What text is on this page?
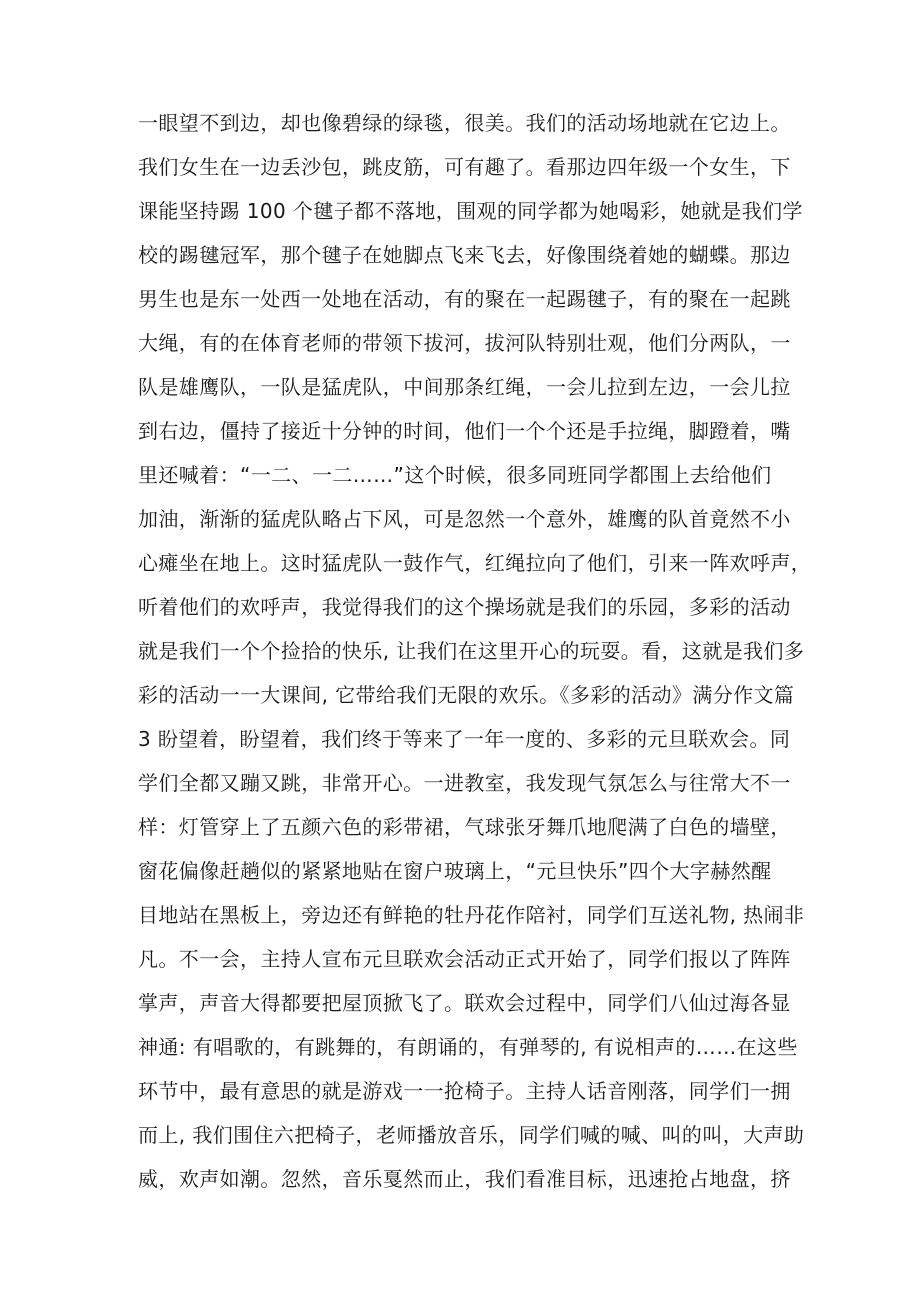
一眼望不到边，却也像碧绿的绿毯，很美。我们的活动场地就在它边上。
我们女生在一边丢沙包，跳皮筋，可有趣了。看那边四年级一个女生，下
课能坚持踢 100 个毽子都不落地，围观的同学都为她喝彩，她就是我们学
校的踢毽冠军，那个毽子在她脚点飞来飞去，好像围绕着她的蝴蝶。那边
男生也是东一处西一处地在活动，有的聚在一起踢毽子，有的聚在一起跳
大绳，有的在体育老师的带领下拔河，拔河队特别壮观，他们分两队，一
队是雄鹰队，一队是猛虎队，中间那条红绳，一会儿拉到左边，一会儿拉
到右边，僵持了接近十分钟的时间，他们一个个还是手拉绳，脚蹬着，嘴
里还喊着：“一二、一二……”这个时候，很多同班同学都围上去给他们
加油，渐渐的猛虎队略占下风，可是忽然一个意外，雄鹰的队首竟然不小
心瘫坐在地上。这时猛虎队一鼓作气，红绳拉向了他们，引来一阵欢呼声，
听着他们的欢呼声，我觉得我们的这个操场就是我们的乐园，多彩的活动
就是我们一个个捡拾的快乐, 让我们在这里开心的玩耍。看，这就是我们多
彩的活动一一大课间, 它带给我们无限的欢乐。《多彩的活动》满分作文篇
3 盼望着，盼望着，我们终于等来了一年一度的、多彩的元旦联欢会。同
学们全都又蹦又跳，非常开心。一进教室，我发现气氛怎么与往常大不一
样：灯管穿上了五颜六色的彩带裙，气球张牙舞爪地爬满了白色的墙壁，
窗花偏像赶趟似的紧紧地贴在窗户玻璃上，“元旦快乐”四个大字赫然醒
目地站在黑板上，旁边还有鲜艳的牡丹花作陪衬，同学们互送礼物, 热闹非
凡。不一会，主持人宣布元旦联欢会活动正式开始了，同学们报以了阵阵
掌声，声音大得都要把屋顶掀飞了。联欢会过程中，同学们八仙过海各显
神通: 有唱歌的，有跳舞的，有朗诵的，有弹琴的, 有说相声的……在这些
环节中，最有意思的就是游戏一一抢椅子。主持人话音刚落，同学们一拥
而上, 我们围住六把椅子，老师播放音乐，同学们喊的喊、叫的叫，大声助
威，欢声如潮。忽然，音乐戛然而止，我们看准目标，迅速抢占地盘，挤
